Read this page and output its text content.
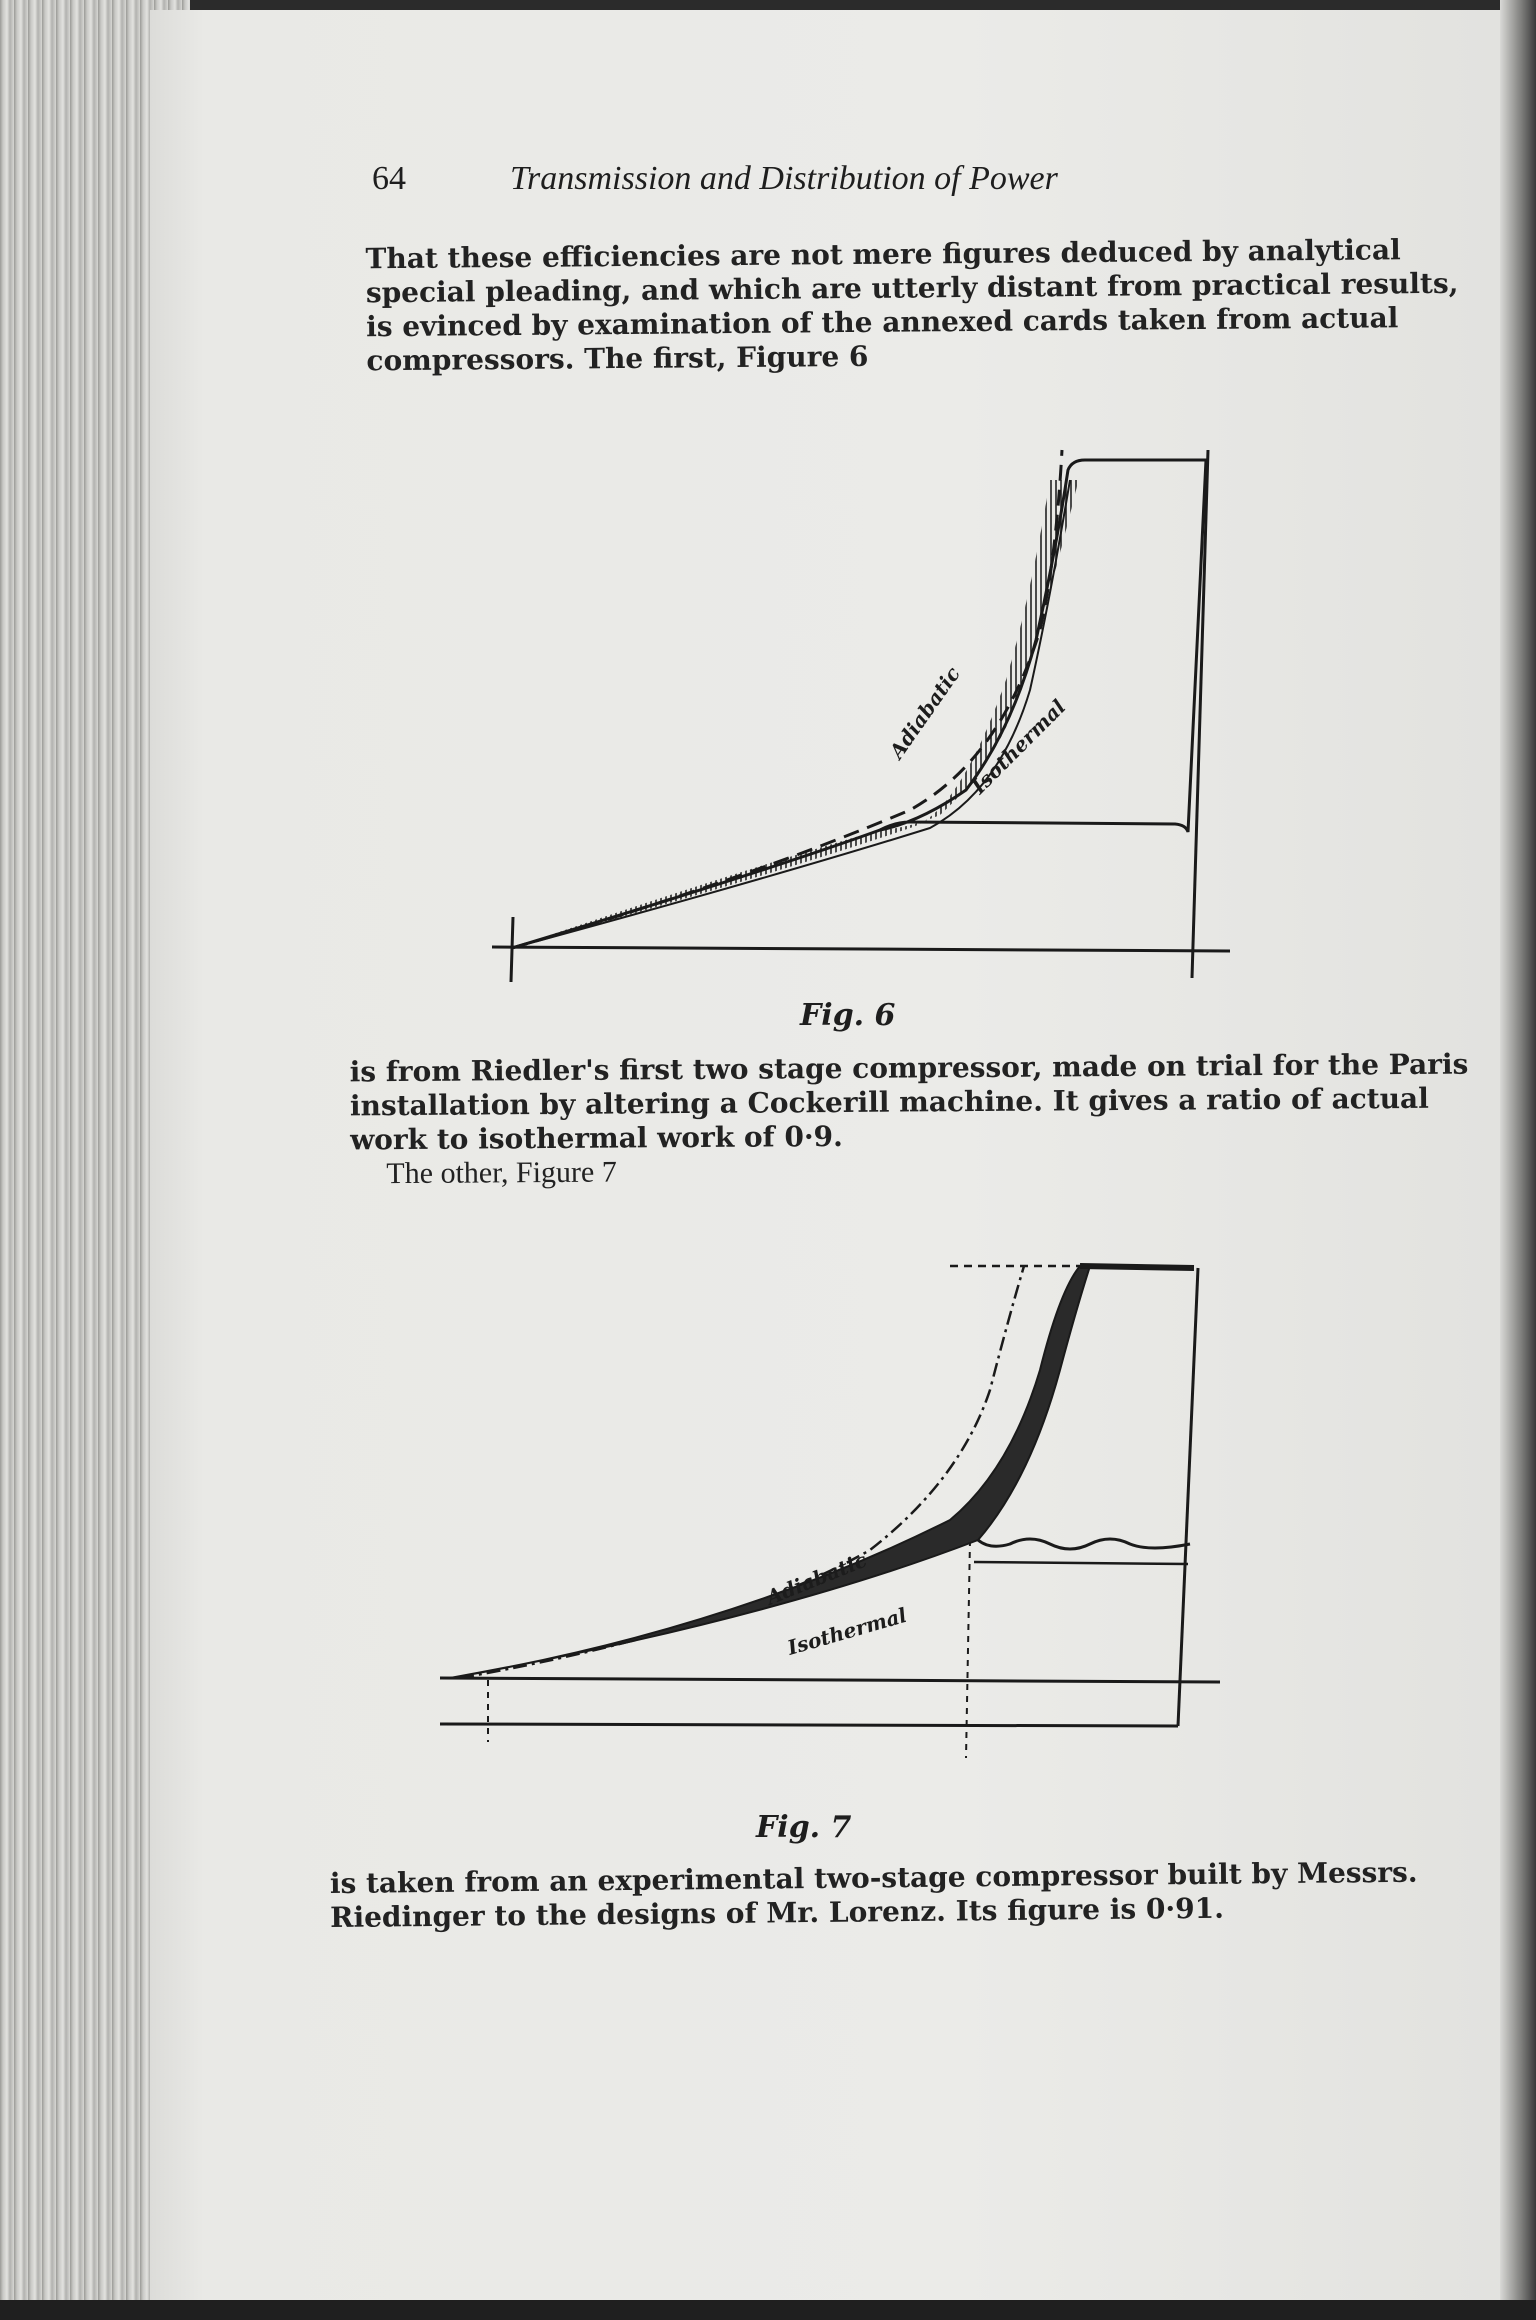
64	Transmission and Distribution of Power

That these efficiencies are not mere figures deduced by analytical
special pleading, and which are utterly distant from practical results,
is evinced by examination of the annexed cards taken from actual
compressors. The first, Figure 6

Adiabatic Isothermal
Fig. 6

is from Riedler's first two stage compressor, made on trial for the Paris
installation by altering a Cockerill machine. It gives a ratio of actual
work to isothermal work of 0·9.
The other, Figure 7

Adiabatic
Isothermal
Fig. 7

is taken from an experimental two-stage compressor built by Messrs.
Riedinger to the designs of Mr. Lorenz. Its figure is 0·91.
